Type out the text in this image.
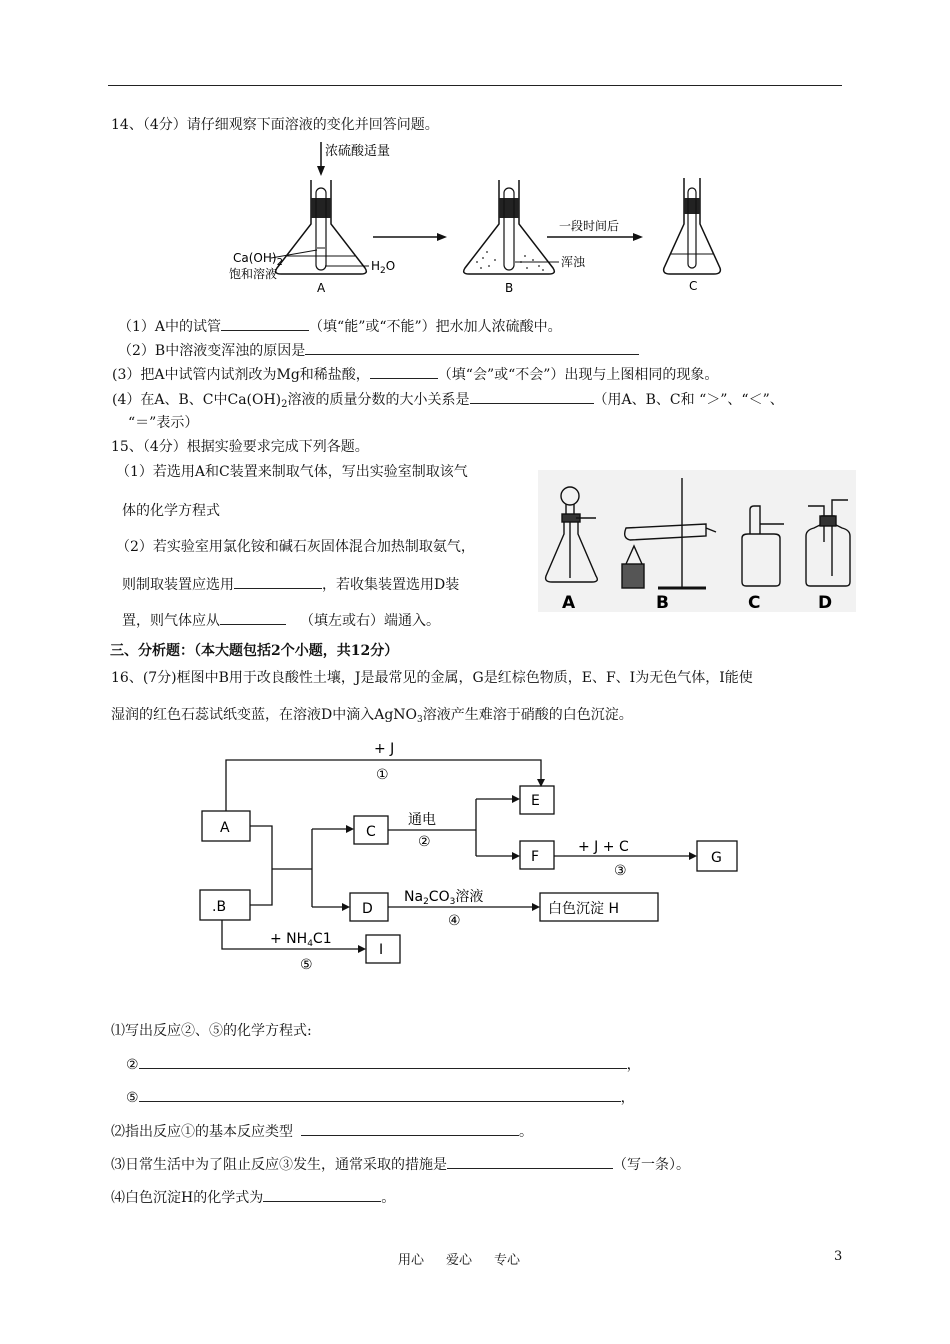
14、（4分）请仔细观察下面溶液的变化并回答问题。
浓硫酸适量
$Ca(OH)_2$
饱和溶液
$H_2O$
A
浑浊
B
一段时间后
C
（1）A中的试管	（填“能”或“不能”）把水加人浓硫酸中。
（2）B中溶液变浑浊的原因是
(3）把A中试管内试剂改为Mg和稀盐酸，	（填“会”或“不会”）出现与上图相同的现象。
(4）在A、B、C中$Ca(OH)_2$溶液的质量分数的大小关系是	（用A、B、C和 “＞”、“＜”、
“＝”表示）
15、（4分）根据实验要求完成下列各题。
（1）若选用A和C装置来制取气体，写出实验室制取该气
体的化学方程式
（2）若实验室用氯化铵和碱石灰固体混合加热制取氨气，
则制取装置应选用	，若收集装置选用D装
置，则气体应从	（填左或右）端通入。
A	B	C	D
三、分析题：（本大题包括2个小题，共12分）
16、(7分)框图中B用于改良酸性土壤，J是最常见的金属，G是红棕色物质，E、F、I为无色气体，I能使
湿润的红色石蕊试纸变蓝，在溶液D中滴入AgNO$_3$溶液产生难溶于硝酸的白色沉淀。
A
.B
C
D
E
F	G
白色沉淀 H
I
+ J
①
通电
②	+ J + C
③
$Na_2CO_3$溶液
④
+ $NH_4C1$
⑤
⑴写出反应②、⑤的化学方程式:
②	，
⑤	，
⑵指出反应①的基本反应类型	。
⑶日常生活中为了阻止反应③发生，通常采取的措施是	（写一条）。
⑷白色沉淀H的化学式为	。
用心 爱心 专心	3
